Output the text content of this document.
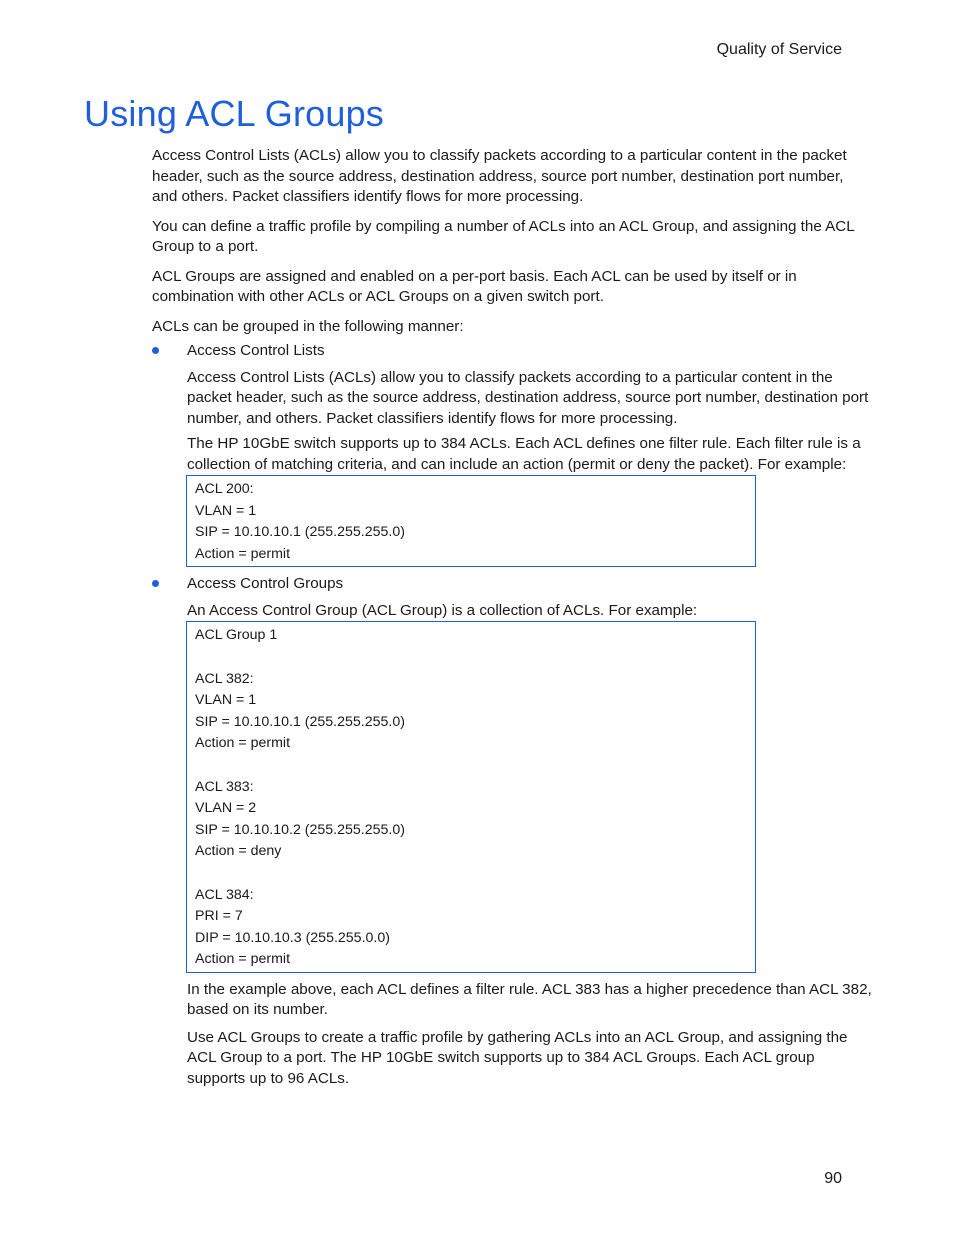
Quality of Service
Using ACL Groups

Access Control Lists (ACLs) allow you to classify packets according to a particular content in the packet header, such as the source address, destination address, source port number, destination port number, and others. Packet classifiers identify flows for more processing.

You can define a traffic profile by compiling a number of ACLs into an ACL Group, and assigning the ACL Group to a port.

ACL Groups are assigned and enabled on a per-port basis. Each ACL can be used by itself or in combination with other ACLs or ACL Groups on a given switch port.

ACLs can be grouped in the following manner:

Access Control Lists

Access Control Lists (ACLs) allow you to classify packets according to a particular content in the packet header, such as the source address, destination address, source port number, destination port number, and others. Packet classifiers identify flows for more processing.

The HP 10GbE switch supports up to 384 ACLs. Each ACL defines one filter rule. Each filter rule is a collection of matching criteria, and can include an action (permit or deny the packet). For example:

ACL 200:
VLAN = 1
SIP = 10.10.10.1 (255.255.255.0)
Action = permit
Access Control Groups

An Access Control Group (ACL Group) is a collection of ACLs. For example:

ACL Group 1
ACL 382:
VLAN = 1
SIP = 10.10.10.1 (255.255.255.0)
Action = permit
ACL 383:
VLAN = 2
SIP = 10.10.10.2 (255.255.255.0)
Action = deny
ACL 384:
PRI = 7
DIP = 10.10.10.3 (255.255.0.0)
Action = permit

In the example above, each ACL defines a filter rule. ACL 383 has a higher precedence than ACL 382, based on its number.

Use ACL Groups to create a traffic profile by gathering ACLs into an ACL Group, and assigning the ACL Group to a port. The HP 10GbE switch supports up to 384 ACL Groups. Each ACL group supports up to 96 ACLs.

90
